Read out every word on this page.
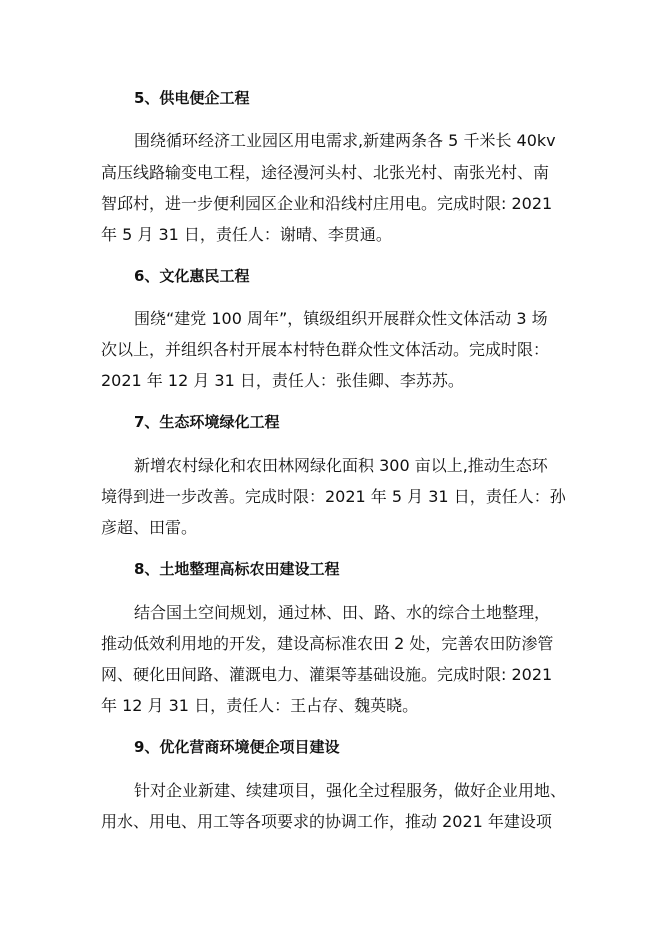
5、供电便企工程
围绕循环经济工业园区用电需求,新建两条各 5 千米长 40kv
高压线路输变电工程，途径漫河头村、北张光村、南张光村、南
智邱村，进一步便利园区企业和沿线村庄用电。完成时限: 2021
年 5 月 31 日，责任人：谢晴、李贯通。
6、文化惠民工程
围绕“建党 100 周年”，镇级组织开展群众性文体活动 3 场
次以上，并组织各村开展本村特色群众性文体活动。完成时限：
2021 年 12 月 31 日，责任人：张佳卿、李苏苏。
7、生态环境绿化工程
新增农村绿化和农田林网绿化面积 300 亩以上,推动生态环
境得到进一步改善。完成时限：2021 年 5 月 31 日，责任人：孙
彦超、田雷。
8、土地整理高标农田建设工程
结合国土空间规划，通过林、田、路、水的综合土地整理，
推动低效利用地的开发，建设高标准农田 2 处，完善农田防渗管
网、硬化田间路、灌溉电力、灌渠等基础设施。完成时限: 2021
年 12 月 31 日，责任人：王占存、魏英晓。
9、优化营商环境便企项目建设
针对企业新建、续建项目，强化全过程服务，做好企业用地、
用水、用电、用工等各项要求的协调工作，推动 2021 年建设项
